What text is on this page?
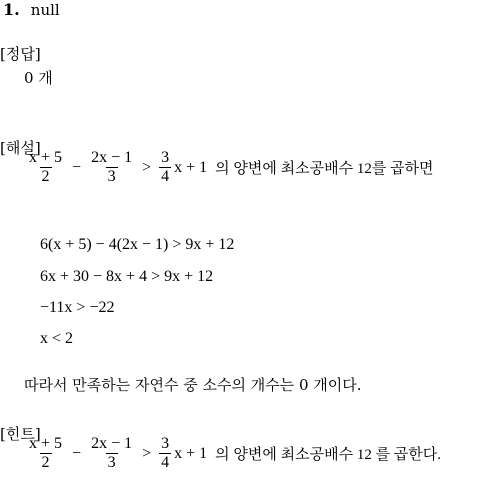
1. null
[정답]
0 개
[해설]
$\frac{x + 5}{2} - \frac{2x - 1}{3} > \frac{3}{4}$ x + 1 의 양변에 최소공배수 12를 곱하면
6(x + 5) − 4(2x − 1) > 9x + 12
6x + 30 − 8x + 4 > 9x + 12
−11x > −22
x < 2
따라서 만족하는 자연수 중 소수의 개수는 0 개이다.
[힌트]
$\frac{x + 5}{2} - \frac{2x - 1}{3} > \frac{3}{4}$ x + 1 의 양변에 최소공배수 12 를 곱한다.
